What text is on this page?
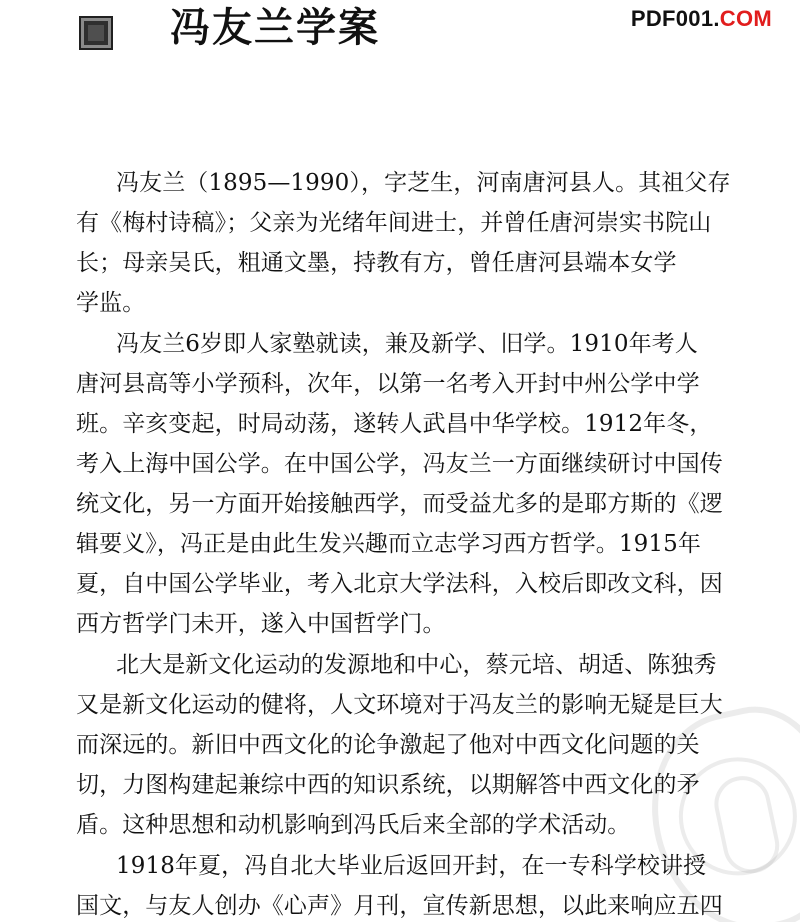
冯友兰学案	PDF001.COM
冯友兰（1895—1990），字芝生，河南唐河县人。其祖父存
有《梅村诗稿》；父亲为光绪年间进士，并曾任唐河崇实书院山
长；母亲吴氏，粗通文墨，持教有方，曾任唐河县端本女学
学监。
冯友兰6岁即人家塾就读，兼及新学、旧学。1910年考人
唐河县高等小学预科，次年，以第一名考入开封中州公学中学
班。辛亥变起，时局动荡，遂转人武昌中华学校。1912年冬，
考入上海中国公学。在中国公学，冯友兰一方面继续研讨中国传
统文化，另一方面开始接触西学，而受益尤多的是耶方斯的《逻
辑要义》，冯正是由此生发兴趣而立志学习西方哲学。1915年
夏，自中国公学毕业，考入北京大学法科，入校后即改文科，因
西方哲学门未开，遂入中国哲学门。
北大是新文化运动的发源地和中心，蔡元培、胡适、陈独秀
又是新文化运动的健将，人文环境对于冯友兰的影响无疑是巨大
而深远的。新旧中西文化的论争激起了他对中西文化问题的关
切，力图构建起兼综中西的知识系统，以期解答中西文化的矛
盾。这种思想和动机影响到冯氏后来全部的学术活动。
1918年夏，冯自北大毕业后返回开封，在一专科学校讲授
国文，与友人创办《心声》月刊，宣传新思想，以此来响应五四
